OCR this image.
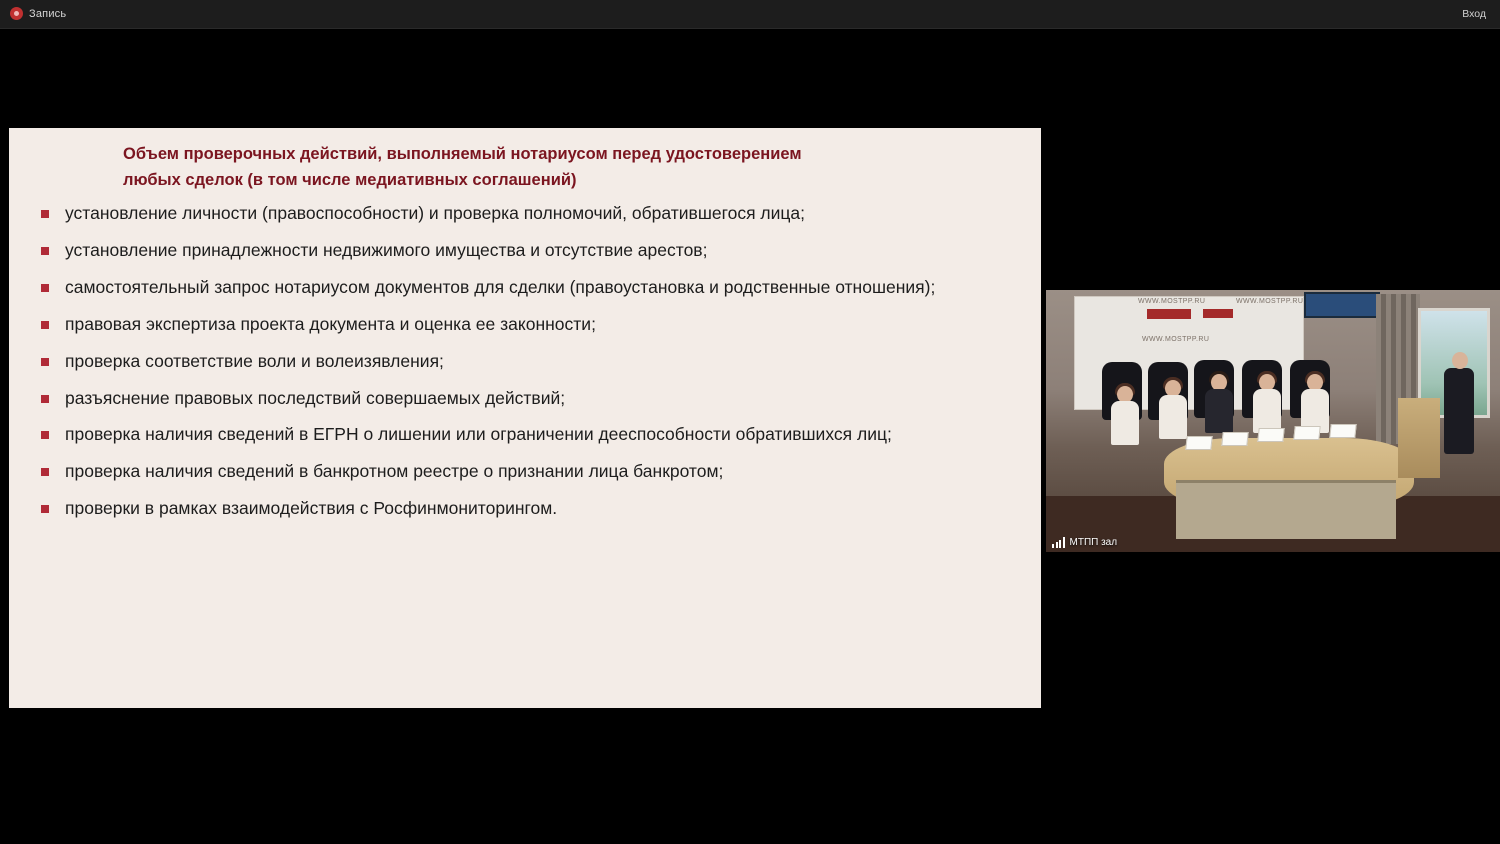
Запись	Вход
Объем проверочных действий, выполняемый нотариусом перед удостоверением любых сделок (в том числе медиативных соглашений)
установление личности (правоспособности) и проверка полномочий, обратившегося лица;
установление принадлежности недвижимого имущества и отсутствие арестов;
самостоятельный запрос нотариусом документов для сделки (правоустановка и родственные отношения);
правовая экспертиза проекта документа и оценка ее законности;
проверка соответствие воли и волеизявления;
разъяснение правовых последствий совершаемых действий;
проверка наличия сведений в ЕГРН о лишении или ограничении дееспособности обратившихся лиц;
проверка наличия сведений в банкротном реестре о признании лица банкротом;
проверки в рамках взаимодействия с Росфинмониторингом.
WWW.MOSTPP.RU	WWW.MOSTPP.RU
WWW.MOSTPP.RU
МТПП зал
